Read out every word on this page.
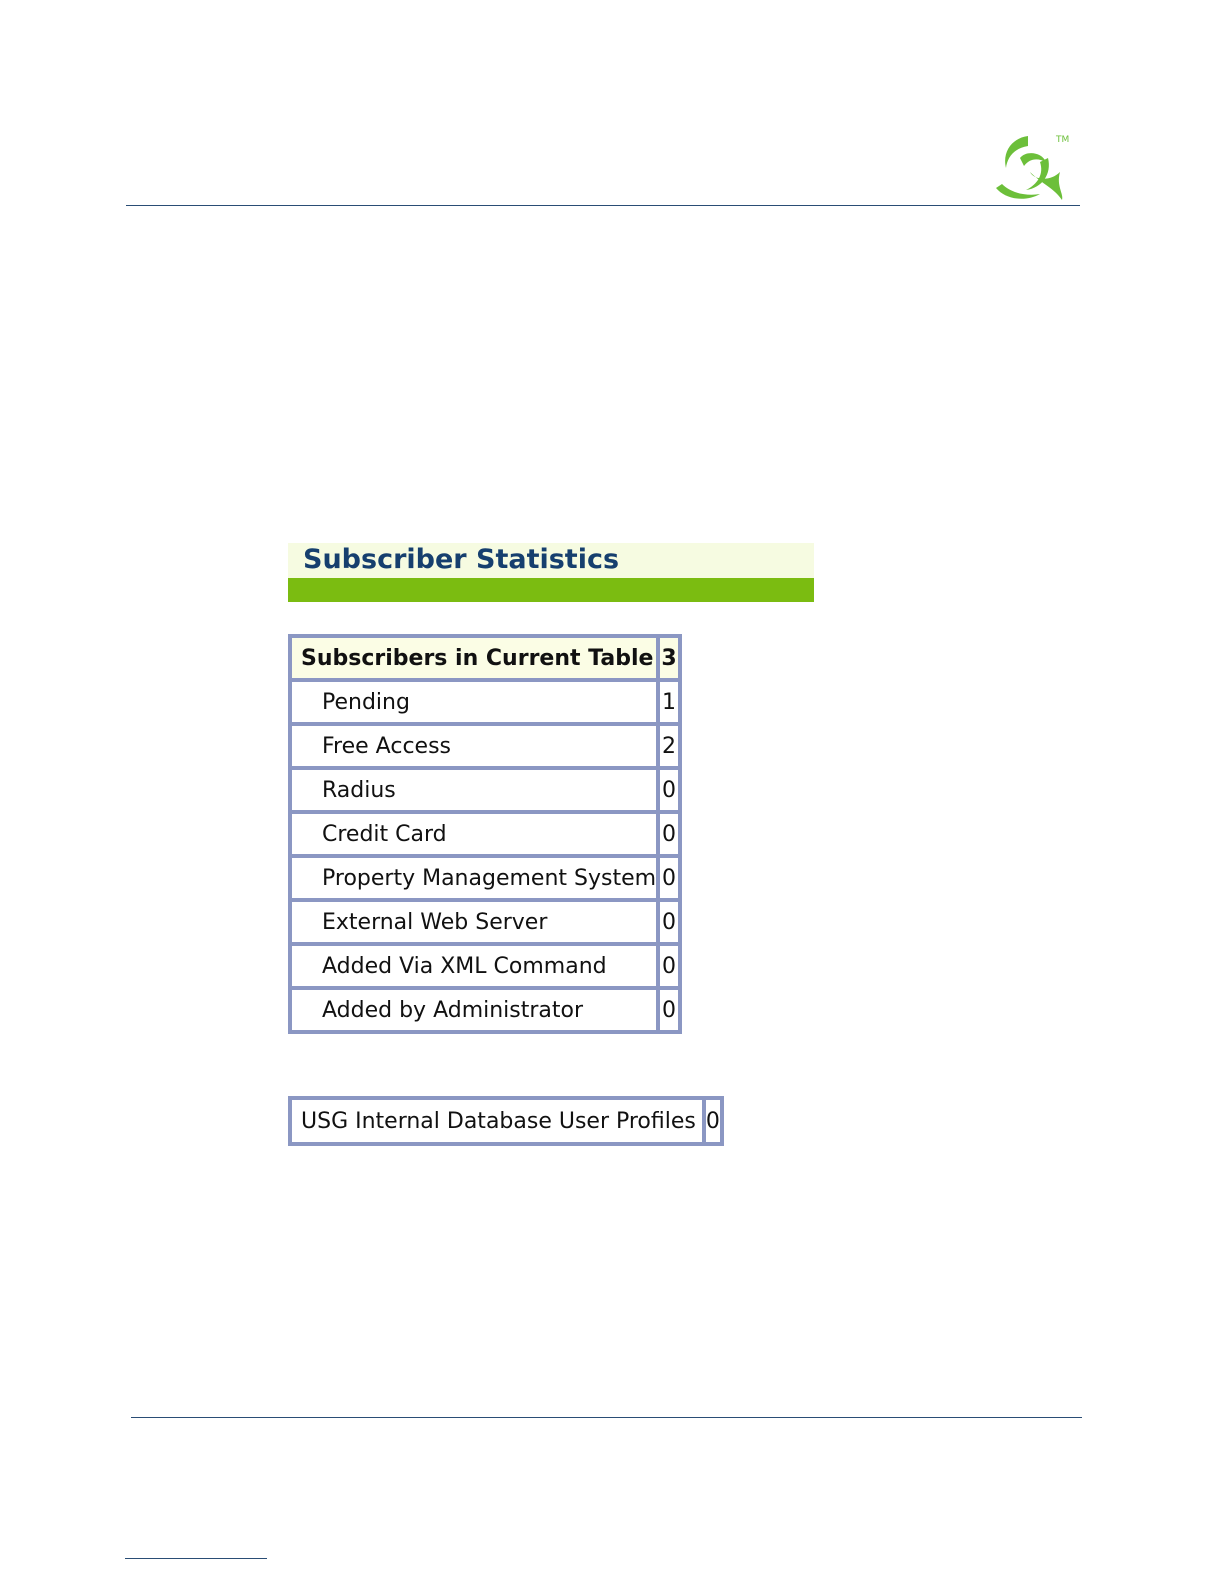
TM
Subscriber Statistics
Subscribers in Current Table	3
Pending	1
Free Access	2
Radius	0
Credit Card	0
Property Management System	0
External Web Server	0
Added Via XML Command	0
Added by Administrator	0
USG Internal Database User Profiles	0
